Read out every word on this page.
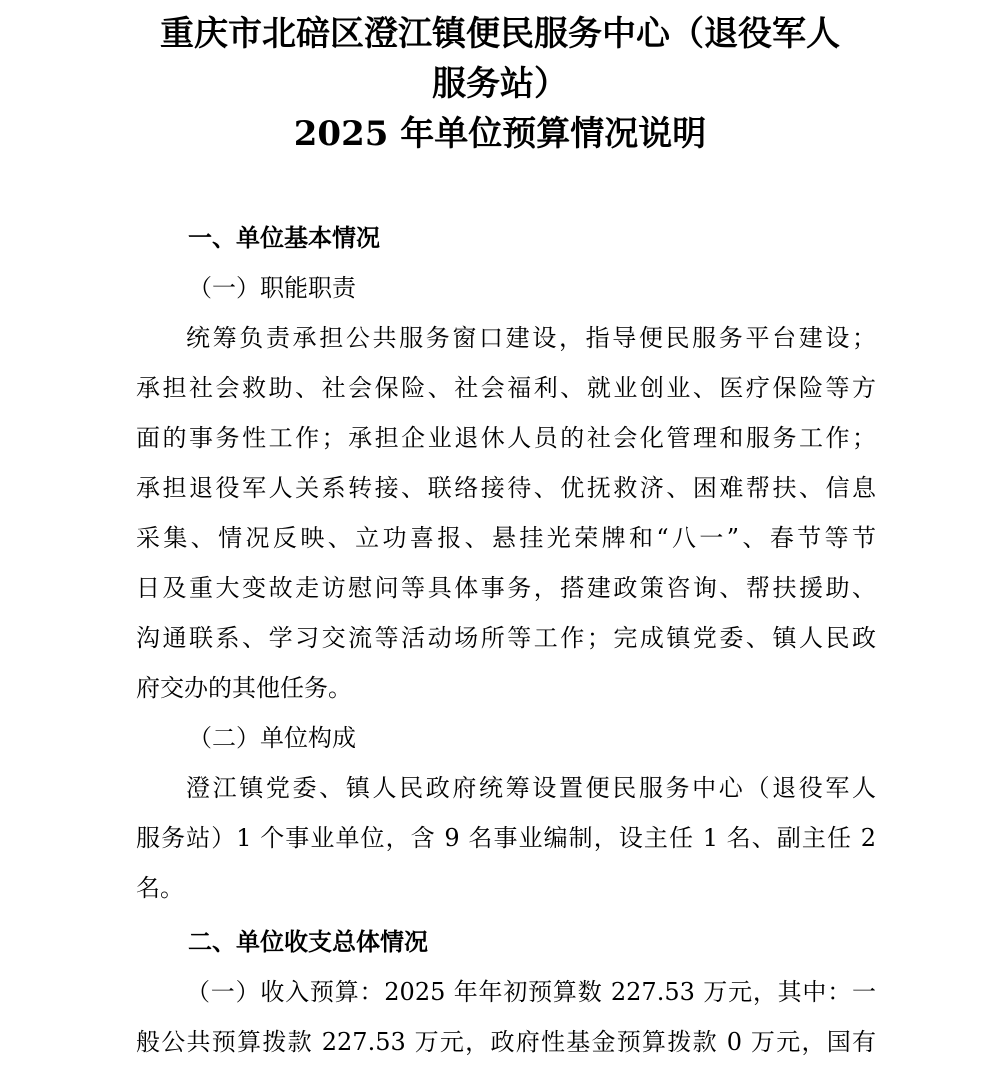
重庆市北碚区澄江镇便民服务中心（退役军人
服务站）
2025 年单位预算情况说明
一、单位基本情况
（一）职能职责
统筹负责承担公共服务窗口建设，指导便民服务平台建设；
承担社会救助、社会保险、社会福利、就业创业、医疗保险等方
面的事务性工作；承担企业退休人员的社会化管理和服务工作；
承担退役军人关系转接、联络接待、优抚救济、困难帮扶、信息
采集、情况反映、立功喜报、悬挂光荣牌和“八一”、春节等节
日及重大变故走访慰问等具体事务，搭建政策咨询、帮扶援助、
沟通联系、学习交流等活动场所等工作；完成镇党委、镇人民政
府交办的其他任务。
（二）单位构成
澄江镇党委、镇人民政府统筹设置便民服务中心（退役军人
服务站）1 个事业单位，含 9 名事业编制，设主任 1 名、副主任 2
名。
二、单位收支总体情况
（一）收入预算：2025 年年初预算数 227.53 万元，其中：一
般公共预算拨款 227.53 万元，政府性基金预算拨款 0 万元，国有
